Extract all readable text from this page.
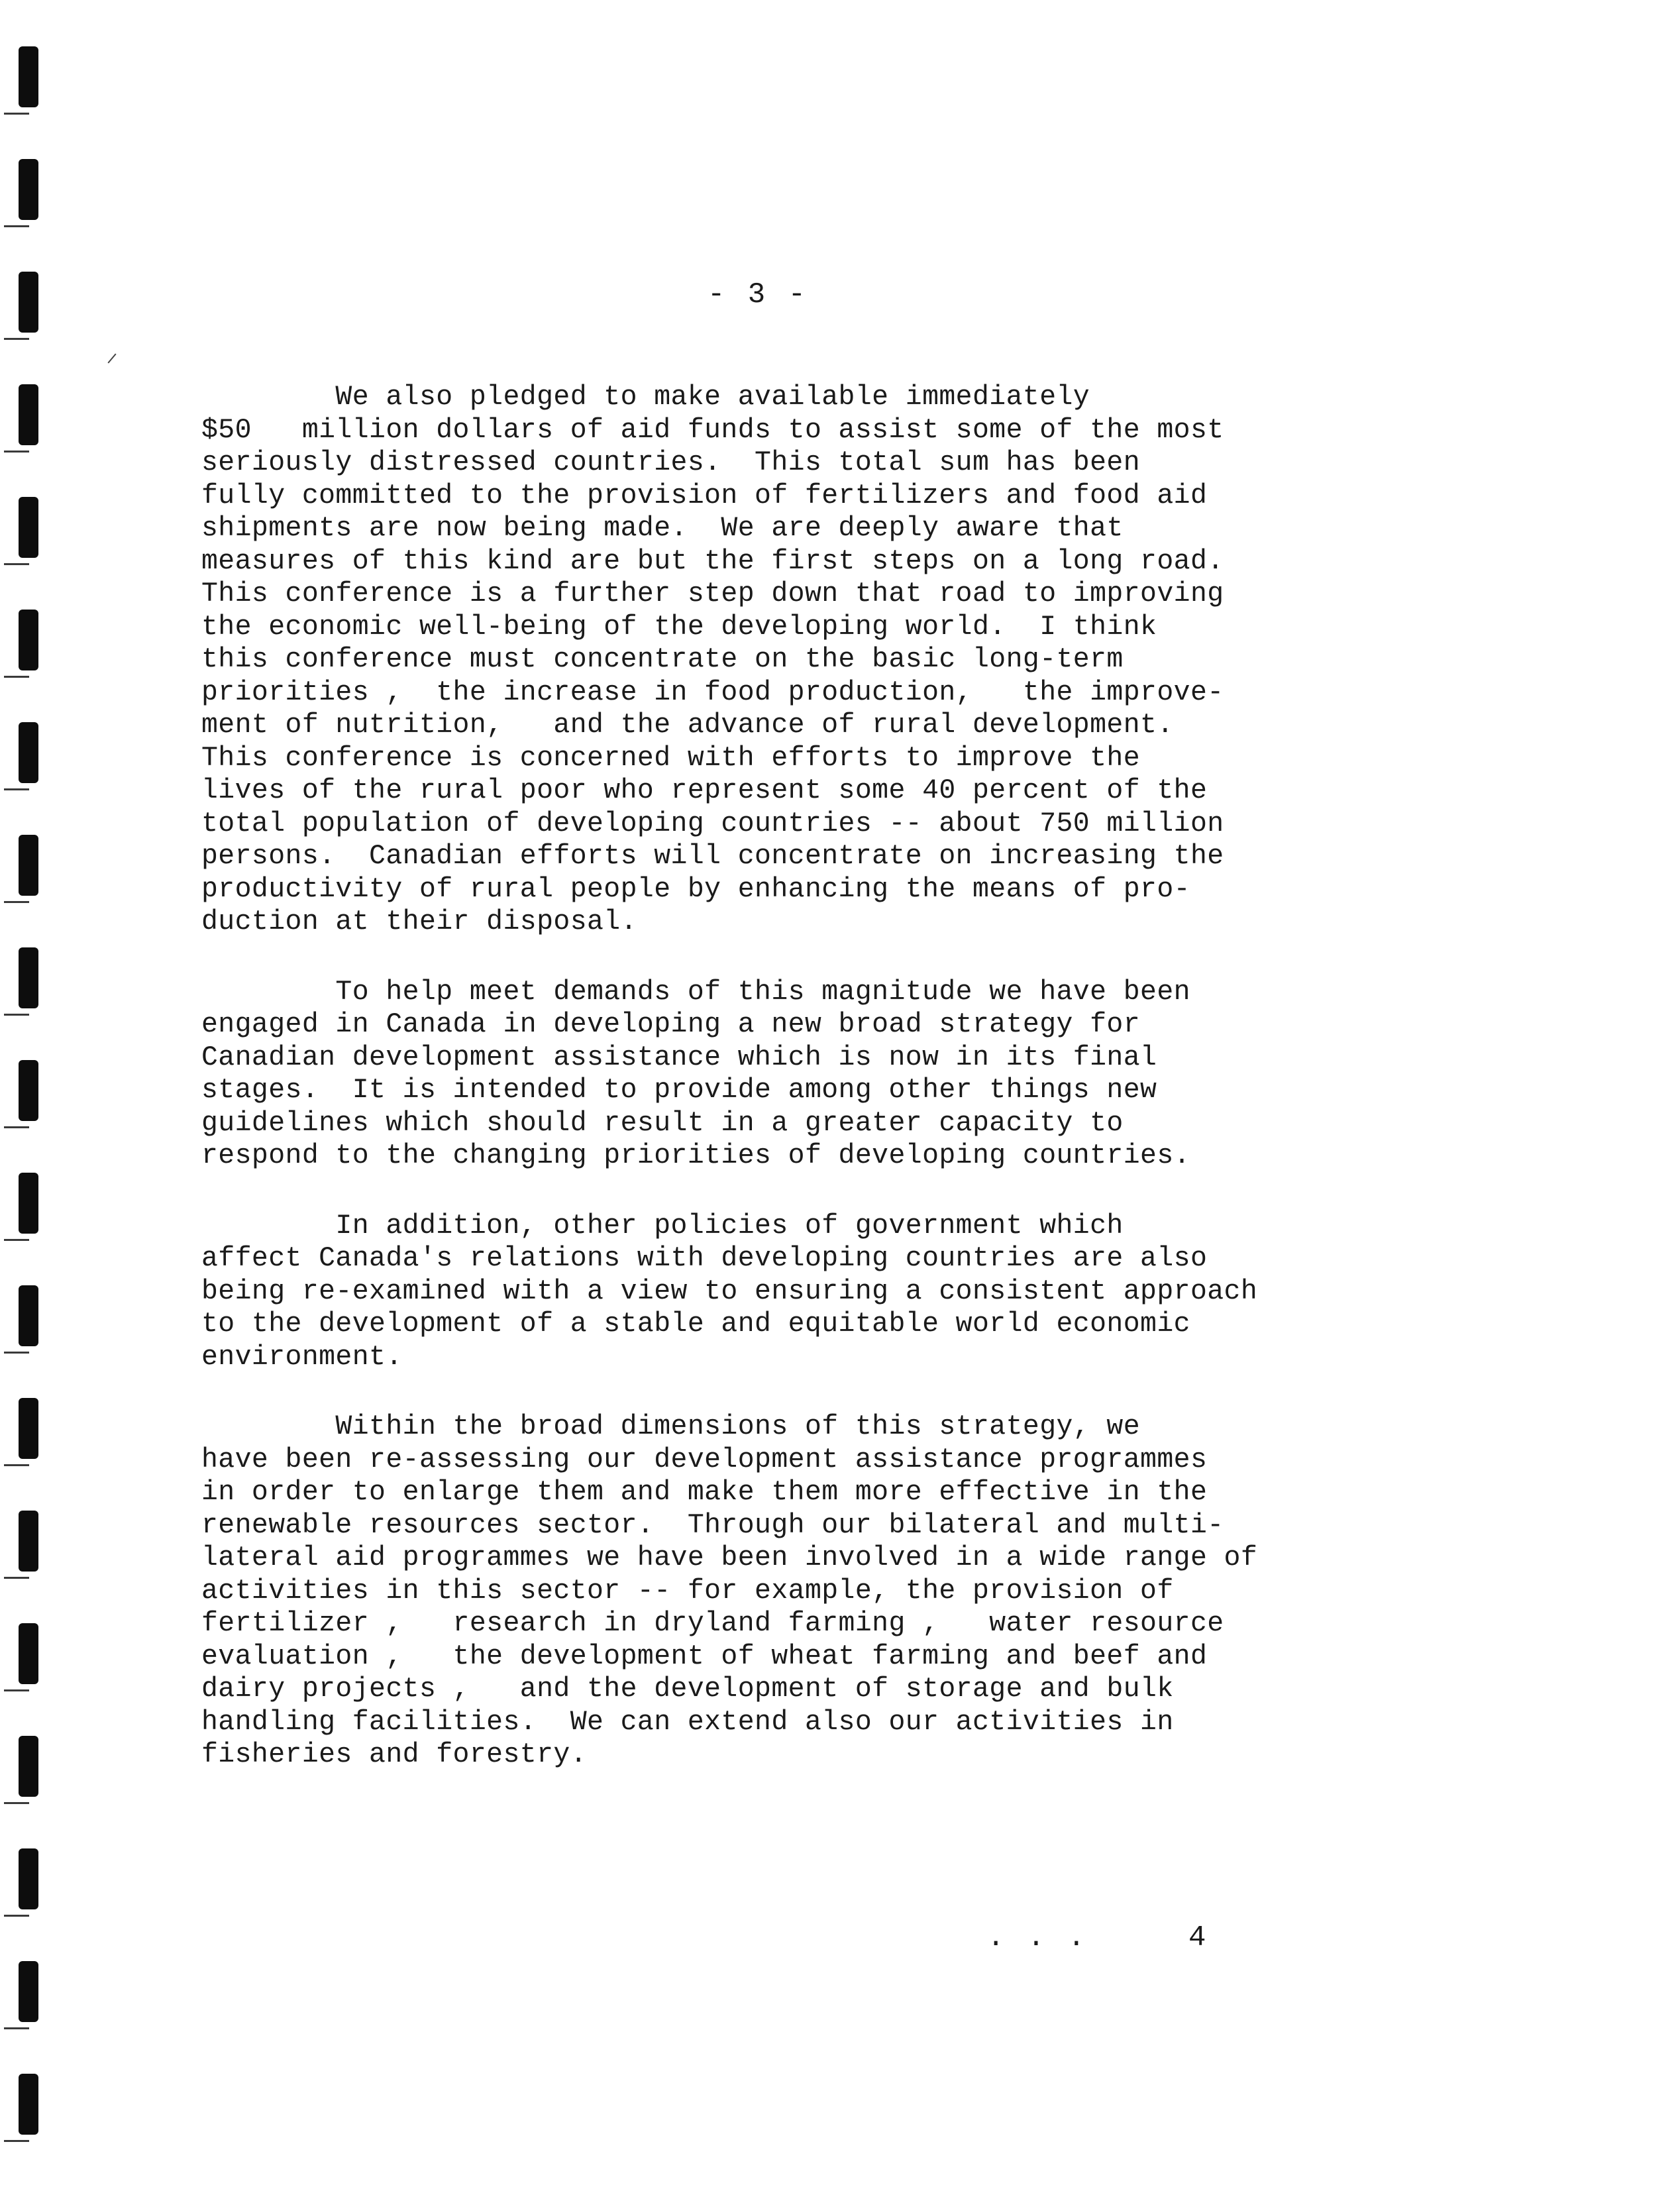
- 3 -
We also pledged to make available immediately
$50   million dollars of aid funds to assist some of the most
seriously distressed countries.  This total sum has been
fully committed to the provision of fertilizers and food aid
shipments are now being made.  We are deeply aware that
measures of this kind are but the first steps on a long road.
This conference is a further step down that road to improving
the economic well-being of the developing world.  I think
this conference must concentrate on the basic long-term
priorities ,  the increase in food production,   the improve-
ment of nutrition,   and the advance of rural development.
This conference is concerned with efforts to improve the
lives of the rural poor who represent some 40 percent of the
total population of developing countries -- about 750 million
persons.  Canadian efforts will concentrate on increasing the
productivity of rural people by enhancing the means of pro-
duction at their disposal.
To help meet demands of this magnitude we have been
engaged in Canada in developing a new broad strategy for
Canadian development assistance which is now in its final
stages.  It is intended to provide among other things new
guidelines which should result in a greater capacity to
respond to the changing priorities of developing countries.
In addition, other policies of government which
affect Canada's relations with developing countries are also
being re-examined with a view to ensuring a consistent approach
to the development of a stable and equitable world economic
environment.
Within the broad dimensions of this strategy, we
have been re-assessing our development assistance programmes
in order to enlarge them and make them more effective in the
renewable resources sector.  Through our bilateral and multi-
lateral aid programmes we have been involved in a wide range of
activities in this sector -- for example, the provision of
fertilizer ,   research in dryland farming ,   water resource
evaluation ,   the development of wheat farming and beef and
dairy projects ,   and the development of storage and bulk
handling facilities.  We can extend also our activities in
fisheries and forestry.
. . .     4
